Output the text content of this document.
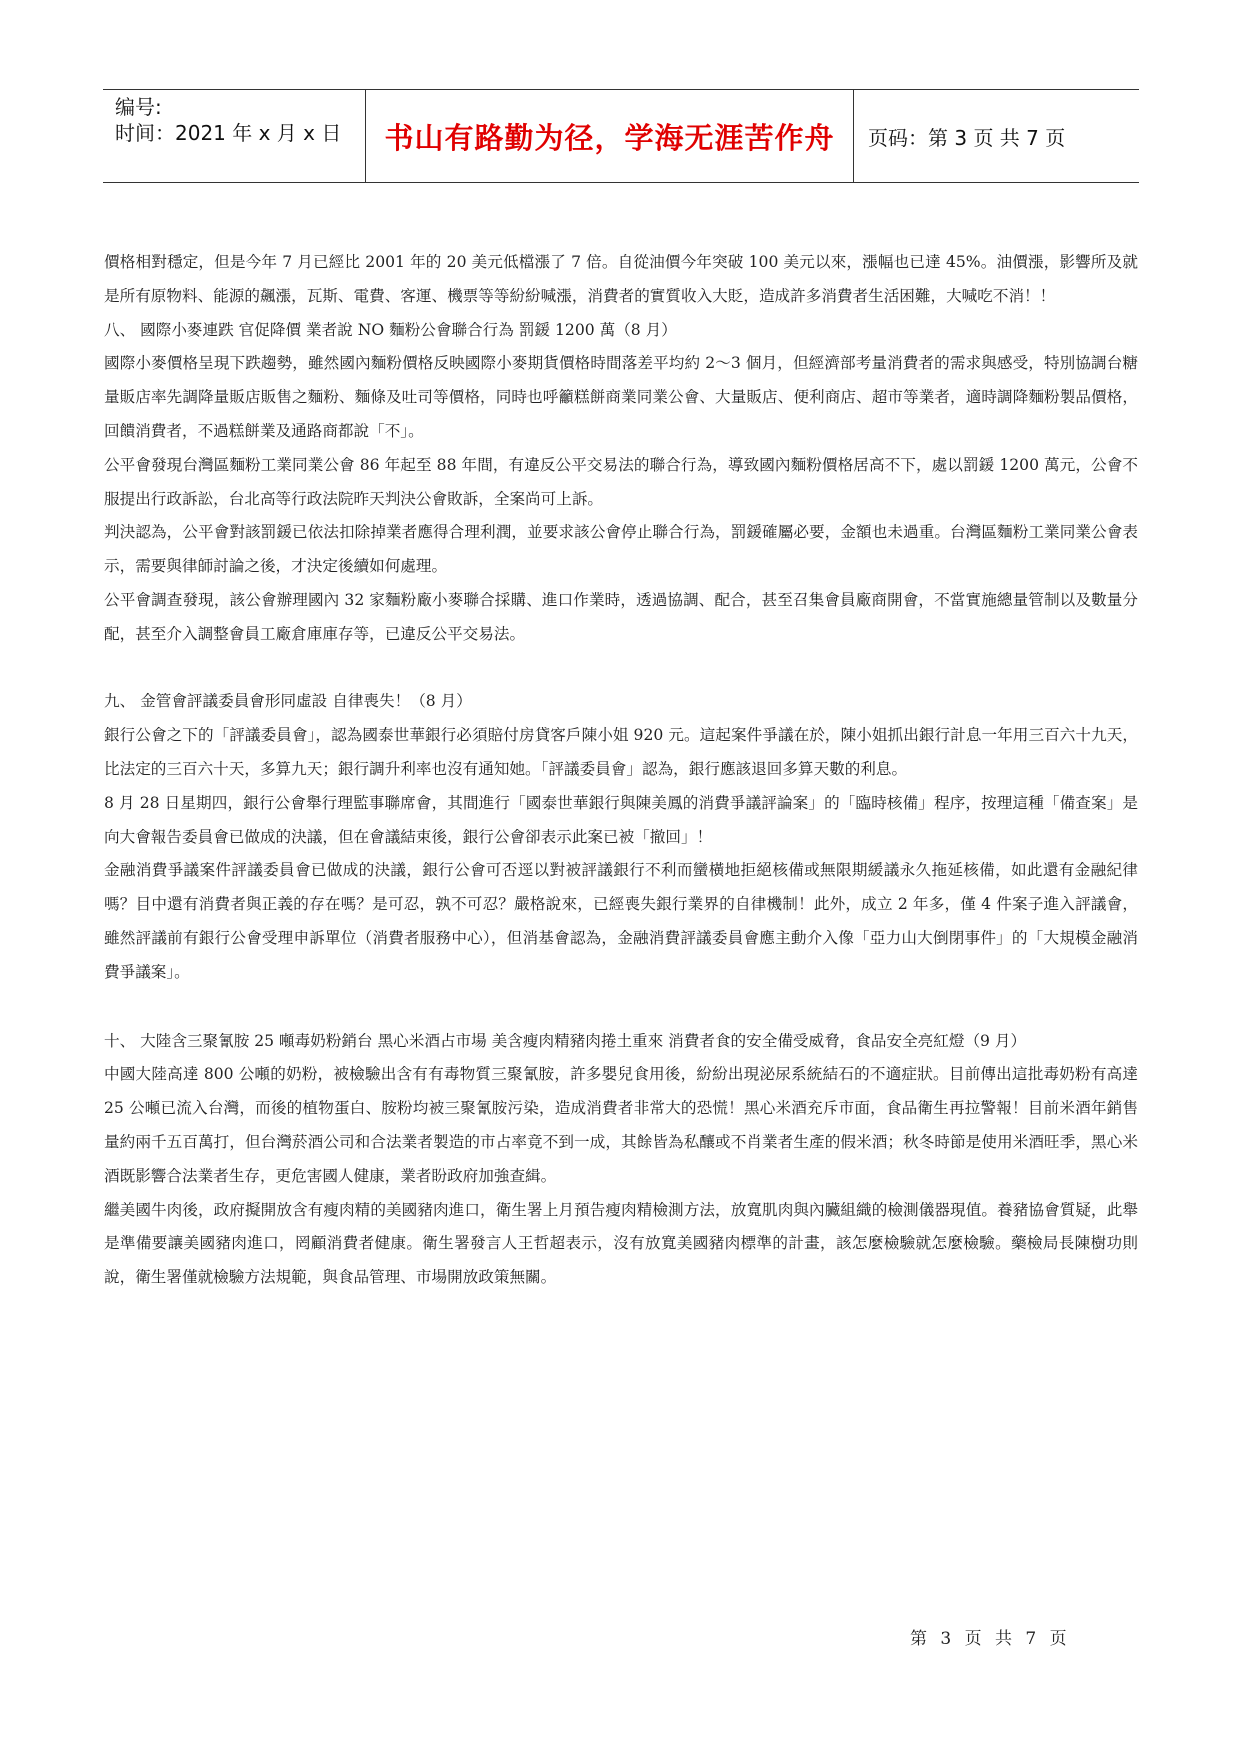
编号:
时间：2021 年 x 月 x 日	书山有路勤为径，学海无涯苦作舟	页码：第 3 页 共 7 页

價格相對穩定，但是今年 7 月已經比 2001 年的 20 美元低檔漲了 7 倍。自從油價今年突破 100 美元以來，漲幅也已達 45%。油價漲，影響所及就是所有原物料、能源的飆漲，瓦斯、電費、客運、機票等等紛紛喊漲，消費者的實質收入大貶，造成許多消費者生活困難，大喊吃不消！！

八、 國際小麥連跌 官促降價 業者說 NO 麵粉公會聯合行為 罰鍰 1200 萬（8 月）

國際小麥價格呈現下跌趨勢，雖然國內麵粉價格反映國際小麥期貨價格時間落差平均約 2～3 個月，但經濟部考量消費者的需求與感受，特別協調台糖量販店率先調降量販店販售之麵粉、麵條及吐司等價格，同時也呼籲糕餅商業同業公會、大量販店、便利商店、超市等業者，適時調降麵粉製品價格，回饋消費者，不過糕餅業及通路商都說「不」。

公平會發現台灣區麵粉工業同業公會 86 年起至 88 年間，有違反公平交易法的聯合行為，導致國內麵粉價格居高不下，處以罰鍰 1200 萬元，公會不服提出行政訴訟，台北高等行政法院昨天判決公會敗訴，全案尚可上訴。

判決認為，公平會對該罰鍰已依法扣除掉業者應得合理利潤，並要求該公會停止聯合行為，罰鍰確屬必要，金額也未過重。台灣區麵粉工業同業公會表示，需要與律師討論之後，才決定後續如何處理。

公平會調查發現，該公會辦理國內 32 家麵粉廠小麥聯合採購、進口作業時，透過協調、配合，甚至召集會員廠商開會，不當實施總量管制以及數量分配，甚至介入調整會員工廠倉庫庫存等，已違反公平交易法。

九、 金管會評議委員會形同虛設 自律喪失！（8 月）

銀行公會之下的「評議委員會」，認為國泰世華銀行必須賠付房貸客戶陳小姐 920 元。這起案件爭議在於，陳小姐抓出銀行計息一年用三百六十九天，比法定的三百六十天，多算九天；銀行調升利率也沒有通知她。「評議委員會」認為，銀行應該退回多算天數的利息。

8 月 28 日星期四，銀行公會舉行理監事聯席會，其間進行「國泰世華銀行與陳美鳳的消費爭議評論案」的「臨時核備」程序，按理這種「備查案」是向大會報告委員會已做成的決議，但在會議結束後，銀行公會卻表示此案已被「撤回」！

金融消費爭議案件評議委員會已做成的決議，銀行公會可否逕以對被評議銀行不利而蠻橫地拒絕核備或無限期緩議永久拖延核備，如此還有金融紀律嗎？目中還有消費者與正義的存在嗎？是可忍，孰不可忍？嚴格說來，已經喪失銀行業界的自律機制！此外，成立 2 年多，僅 4 件案子進入評議會，雖然評議前有銀行公會受理申訴單位（消費者服務中心），但消基會認為，金融消費評議委員會應主動介入像「亞力山大倒閉事件」的「大規模金融消費爭議案」。

十、 大陸含三聚氰胺 25 噸毒奶粉銷台 黑心米酒占市場 美含瘦肉精豬肉捲土重來 消費者食的安全備受威脅，食品安全亮紅燈（9 月）

中國大陸高達 800 公噸的奶粉，被檢驗出含有有毒物質三聚氰胺，許多嬰兒食用後，紛紛出現泌尿系統結石的不適症狀。目前傳出這批毒奶粉有高達 25 公噸已流入台灣，而後的植物蛋白、胺粉均被三聚氰胺污染，造成消費者非常大的恐慌！黑心米酒充斥市面，食品衛生再拉警報！目前米酒年銷售量約兩千五百萬打，但台灣菸酒公司和合法業者製造的市占率竟不到一成，其餘皆為私釀或不肖業者生產的假米酒；秋冬時節是使用米酒旺季，黑心米酒既影響合法業者生存，更危害國人健康，業者盼政府加強查緝。

繼美國牛肉後，政府擬開放含有瘦肉精的美國豬肉進口，衛生署上月預告瘦肉精檢測方法，放寬肌肉與內臟組織的檢測儀器現值。養豬協會質疑，此舉是準備要讓美國豬肉進口，罔顧消費者健康。衛生署發言人王哲超表示，沒有放寬美國豬肉標準的計畫，該怎麼檢驗就怎麼檢驗。藥檢局長陳樹功則說，衛生署僅就檢驗方法規範，與食品管理、市場開放政策無關。

第 3 页 共 7 页
